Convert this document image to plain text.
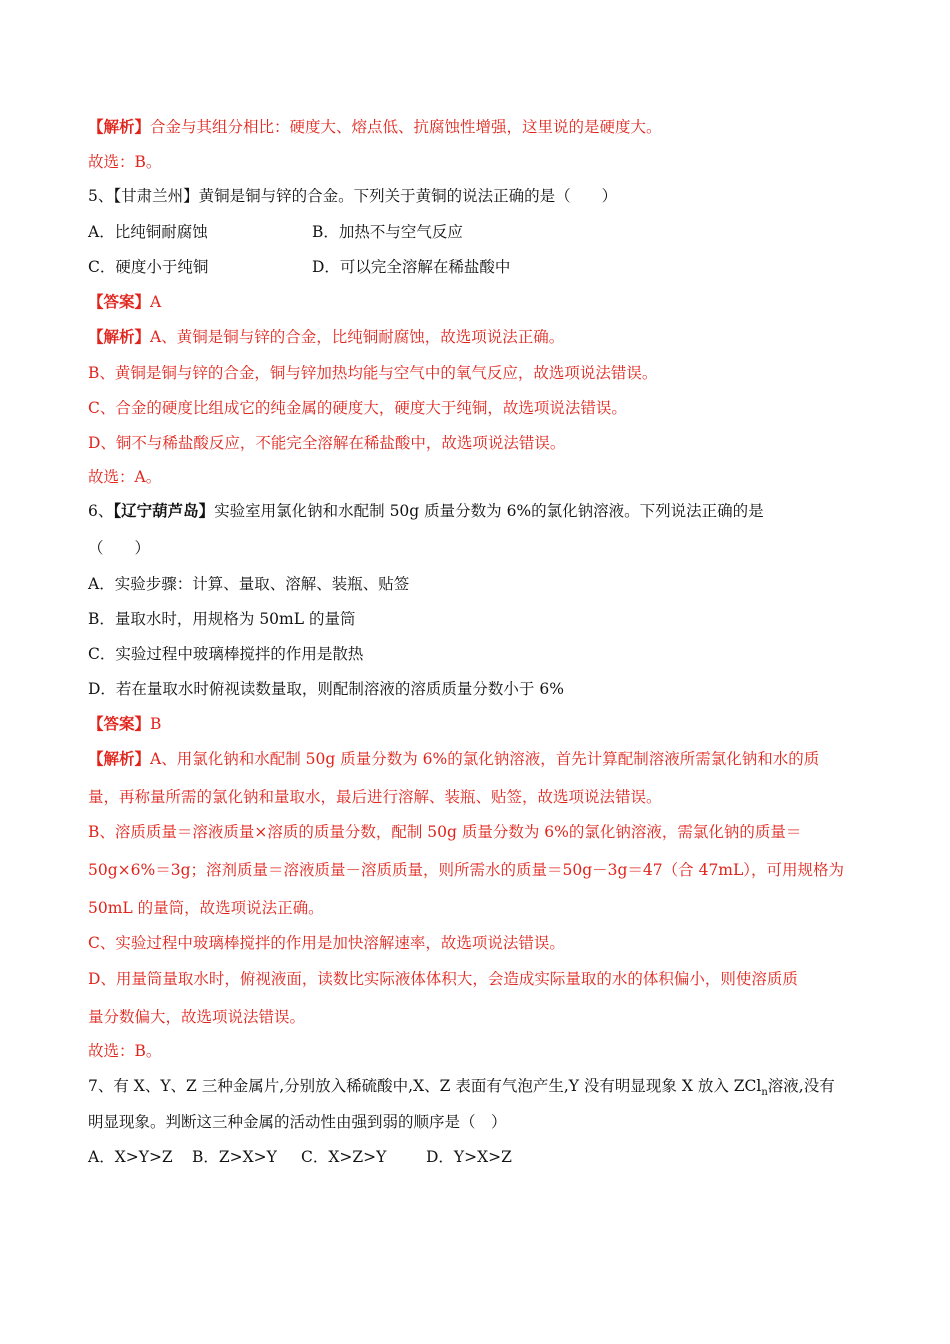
【解析】合金与其组分相比：硬度大、熔点低、抗腐蚀性增强，这里说的是硬度大。
故选：B。
5、【甘肃兰州】黄铜是铜与锌的合金。下列关于黄铜的说法正确的是（　　）
A．比纯铜耐腐蚀	B．加热不与空气反应
C．硬度小于纯铜	D．可以完全溶解在稀盐酸中
【答案】A
【解析】A、黄铜是铜与锌的合金，比纯铜耐腐蚀，故选项说法正确。
B、黄铜是铜与锌的合金，铜与锌加热均能与空气中的氧气反应，故选项说法错误。
C、合金的硬度比组成它的纯金属的硬度大，硬度大于纯铜，故选项说法错误。
D、铜不与稀盐酸反应，不能完全溶解在稀盐酸中，故选项说法错误。
故选：A。
6、【辽宁葫芦岛】实验室用氯化钠和水配制 50g 质量分数为 6%的氯化钠溶液。下列说法正确的是
（　　）
A．实验步骤：计算、量取、溶解、装瓶、贴签
B．量取水时，用规格为 50mL 的量筒
C．实验过程中玻璃棒搅拌的作用是散热
D．若在量取水时俯视读数量取，则配制溶液的溶质质量分数小于 6%
【答案】B
【解析】A、用氯化钠和水配制 50g 质量分数为 6%的氯化钠溶液，首先计算配制溶液所需氯化钠和水的质
量，再称量所需的氯化钠和量取水，最后进行溶解、装瓶、贴签，故选项说法错误。
B、溶质质量＝溶液质量×溶质的质量分数，配制 50g 质量分数为 6%的氯化钠溶液，需氯化钠的质量＝
50g×6%＝3g；溶剂质量＝溶液质量－溶质质量，则所需水的质量＝50g－3g＝47（合 47mL），可用规格为
50mL 的量筒，故选项说法正确。
C、实验过程中玻璃棒搅拌的作用是加快溶解速率，故选项说法错误。
D、用量筒量取水时，俯视液面，读数比实际液体体积大，会造成实际量取的水的体积偏小，则使溶质质
量分数偏大，故选项说法错误。
故选：B。
7、有 X、Y、Z 三种金属片,分别放入稀硫酸中,X、Z 表面有气泡产生,Y 没有明显现象 X 放入 ZCl$_n$溶液,没有
明显现象。判断这三种金属的活动性由强到弱的顺序是（　）
A．X>Y>Z B．Z>X>Y C．X>Z>Y	D．Y>X>Z
